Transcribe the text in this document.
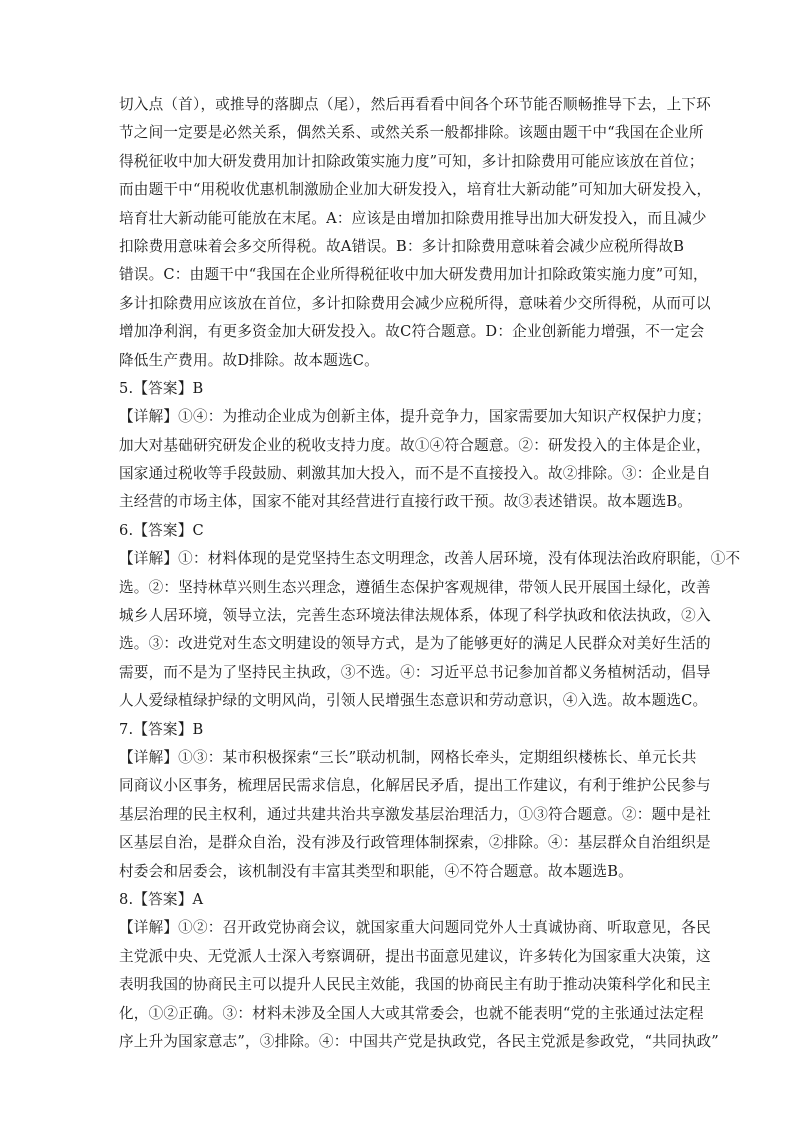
切入点（首），或推导的落脚点（尾），然后再看看中间各个环节能否顺畅推导下去，上下环
节之间一定要是必然关系，偶然关系、或然关系一般都排除。该题由题干中“我国在企业所
得税征收中加大研发费用加计扣除政策实施力度”可知，多计扣除费用可能应该放在首位；
而由题干中“用税收优惠机制激励企业加大研发投入，培育壮大新动能”可知加大研发投入，
培育壮大新动能可能放在末尾。A：应该是由增加扣除费用推导出加大研发投入，而且减少
扣除费用意味着会多交所得税。故A错误。B：多计扣除费用意味着会减少应税所得故B
错误。C：由题干中“我国在企业所得税征收中加大研发费用加计扣除政策实施力度”可知，
多计扣除费用应该放在首位，多计扣除费用会减少应税所得，意味着少交所得税，从而可以
增加净利润，有更多资金加大研发投入。故C符合题意。D：企业创新能力增强，不一定会
降低生产费用。故D排除。故本题选C。
5.【答案】B
【详解】①④：为推动企业成为创新主体，提升竞争力，国家需要加大知识产权保护力度；
加大对基础研究研发企业的税收支持力度。故①④符合题意。②：研发投入的主体是企业，
国家通过税收等手段鼓励、刺激其加大投入，而不是不直接投入。故②排除。③：企业是自
主经营的市场主体，国家不能对其经营进行直接行政干预。故③表述错误。故本题选B。
6.【答案】C
【详解】①：材料体现的是党坚持生态文明理念，改善人居环境，没有体现法治政府职能，①不
选。②：坚持林草兴则生态兴理念，遵循生态保护客观规律，带领人民开展国土绿化，改善
城乡人居环境，领导立法，完善生态环境法律法规体系，体现了科学执政和依法执政，②入
选。③：改进党对生态文明建设的领导方式，是为了能够更好的满足人民群众对美好生活的
需要，而不是为了坚持民主执政，③不选。④：习近平总书记参加首都义务植树活动，倡导
人人爱绿植绿护绿的文明风尚，引领人民增强生态意识和劳动意识，④入选。故本题选C。
7.【答案】B
【详解】①③：某市积极探索“三长”联动机制，网格长牵头，定期组织楼栋长、单元长共
同商议小区事务，梳理居民需求信息，化解居民矛盾，提出工作建议，有利于维护公民参与
基层治理的民主权利，通过共建共治共享激发基层治理活力，①③符合题意。②：题中是社
区基层自治，是群众自治，没有涉及行政管理体制探索，②排除。④：基层群众自治组织是
村委会和居委会，该机制没有丰富其类型和职能，④不符合题意。故本题选B。
8.【答案】A
【详解】①②：召开政党协商会议，就国家重大问题同党外人士真诚协商、听取意见，各民
主党派中央、无党派人士深入考察调研，提出书面意见建议，许多转化为国家重大决策，这
表明我国的协商民主可以提升人民民主效能，我国的协商民主有助于推动决策科学化和民主
化，①②正确。③：材料未涉及全国人大或其常委会，也就不能表明“党的主张通过法定程
序上升为国家意志”，③排除。④：中国共产党是执政党，各民主党派是参政党，“共同执政”
